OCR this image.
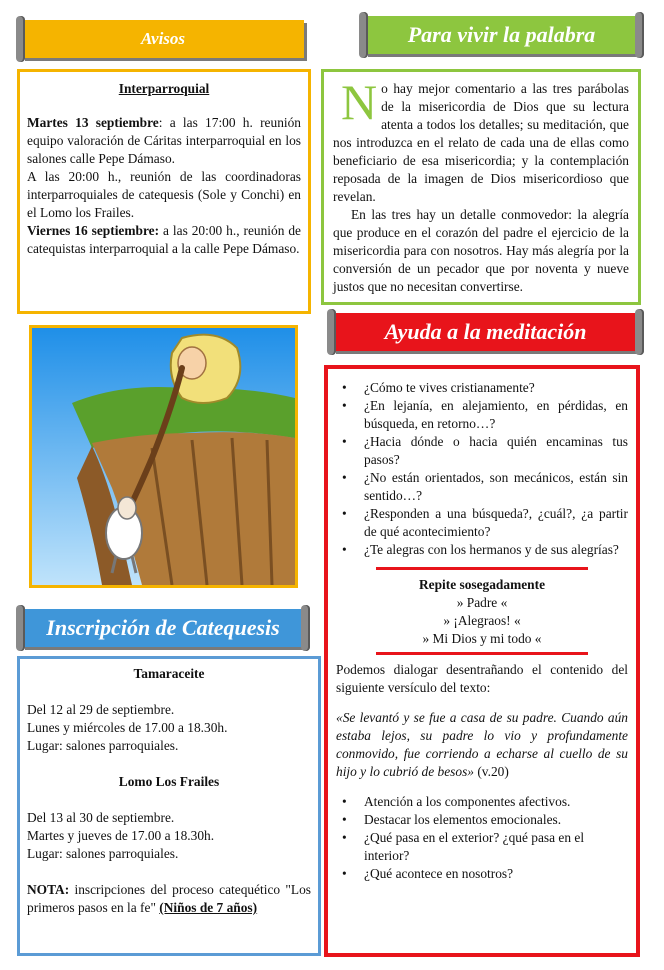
Avisos

Interparroquial

Martes 13 septiembre: a las 17:00 h. reunión equipo valoración de Cáritas interparroquial en los salones calle Pepe Dámaso.

A las 20:00 h., reunión de las coordinadoras interparroquiales de catequesis (Sole y Conchi) en el Lomo los Frailes.

Viernes 16 septiembre: a las 20:00 h., reunión de catequistas interparroquial a la calle Pepe Dámaso.

Para vivir la palabra

No hay mejor comentario a las tres parábolas de la misericordia de Dios que su lectura atenta a todos los detalles; su meditación, que nos introduzca en el relato de cada una de ellas como beneficiario de esa misericordia; y la contemplación reposada de la imagen de Dios misericordioso que revelan.

En las tres hay un detalle conmovedor: la alegría que produce en el corazón del padre el ejercicio de la misericordia para con nosotros. Hay más alegría por la conversión de un pecador que por noventa y nueve justos que no necesitan convertirse.

Ayuda a la meditación
• ¿Cómo te vives cristianamente?
• ¿En lejanía, en alejamiento, en pérdidas, en búsqueda, en retorno…?
• ¿Hacia dónde o hacia quién encaminas tus pasos?
• ¿No están orientados, son mecánicos, están sin sentido…?
• ¿Responden a una búsqueda?, ¿cuál?, ¿a partir de qué acontecimiento?
• ¿Te alegras con los hermanos y de sus alegrías?

Repite sosegadamente

» Padre «

» ¡Alegraos! «

» Mi Dios y mi todo «

Podemos dialogar desentrañando el contenido del siguiente versículo del texto:

«Se levantó y se fue a casa de su padre. Cuando aún estaba lejos, su padre lo vio y profundamente conmovido, fue corriendo a echarse al cuello de su hijo y lo cubrió de besos» (v.20)

• Atención a los componentes afectivos.
• Destacar los elementos emocionales.
• ¿Qué pasa en el exterior? ¿qué pasa en el interior?
• ¿Qué acontece en nosotros?
Inscripción de Catequesis

Tamaraceite

Del 12 al 29 de septiembre.

Lunes y miércoles de 17.00 a 18.30h.

Lugar: salones parroquiales.

Lomo Los Frailes

Del 13 al 30 de septiembre.

Martes y jueves de 17.00 a 18.30h.

Lugar: salones parroquiales.

NOTA: inscripciones del proceso catequético "Los primeros pasos en la fe" (Niños de 7 años)
